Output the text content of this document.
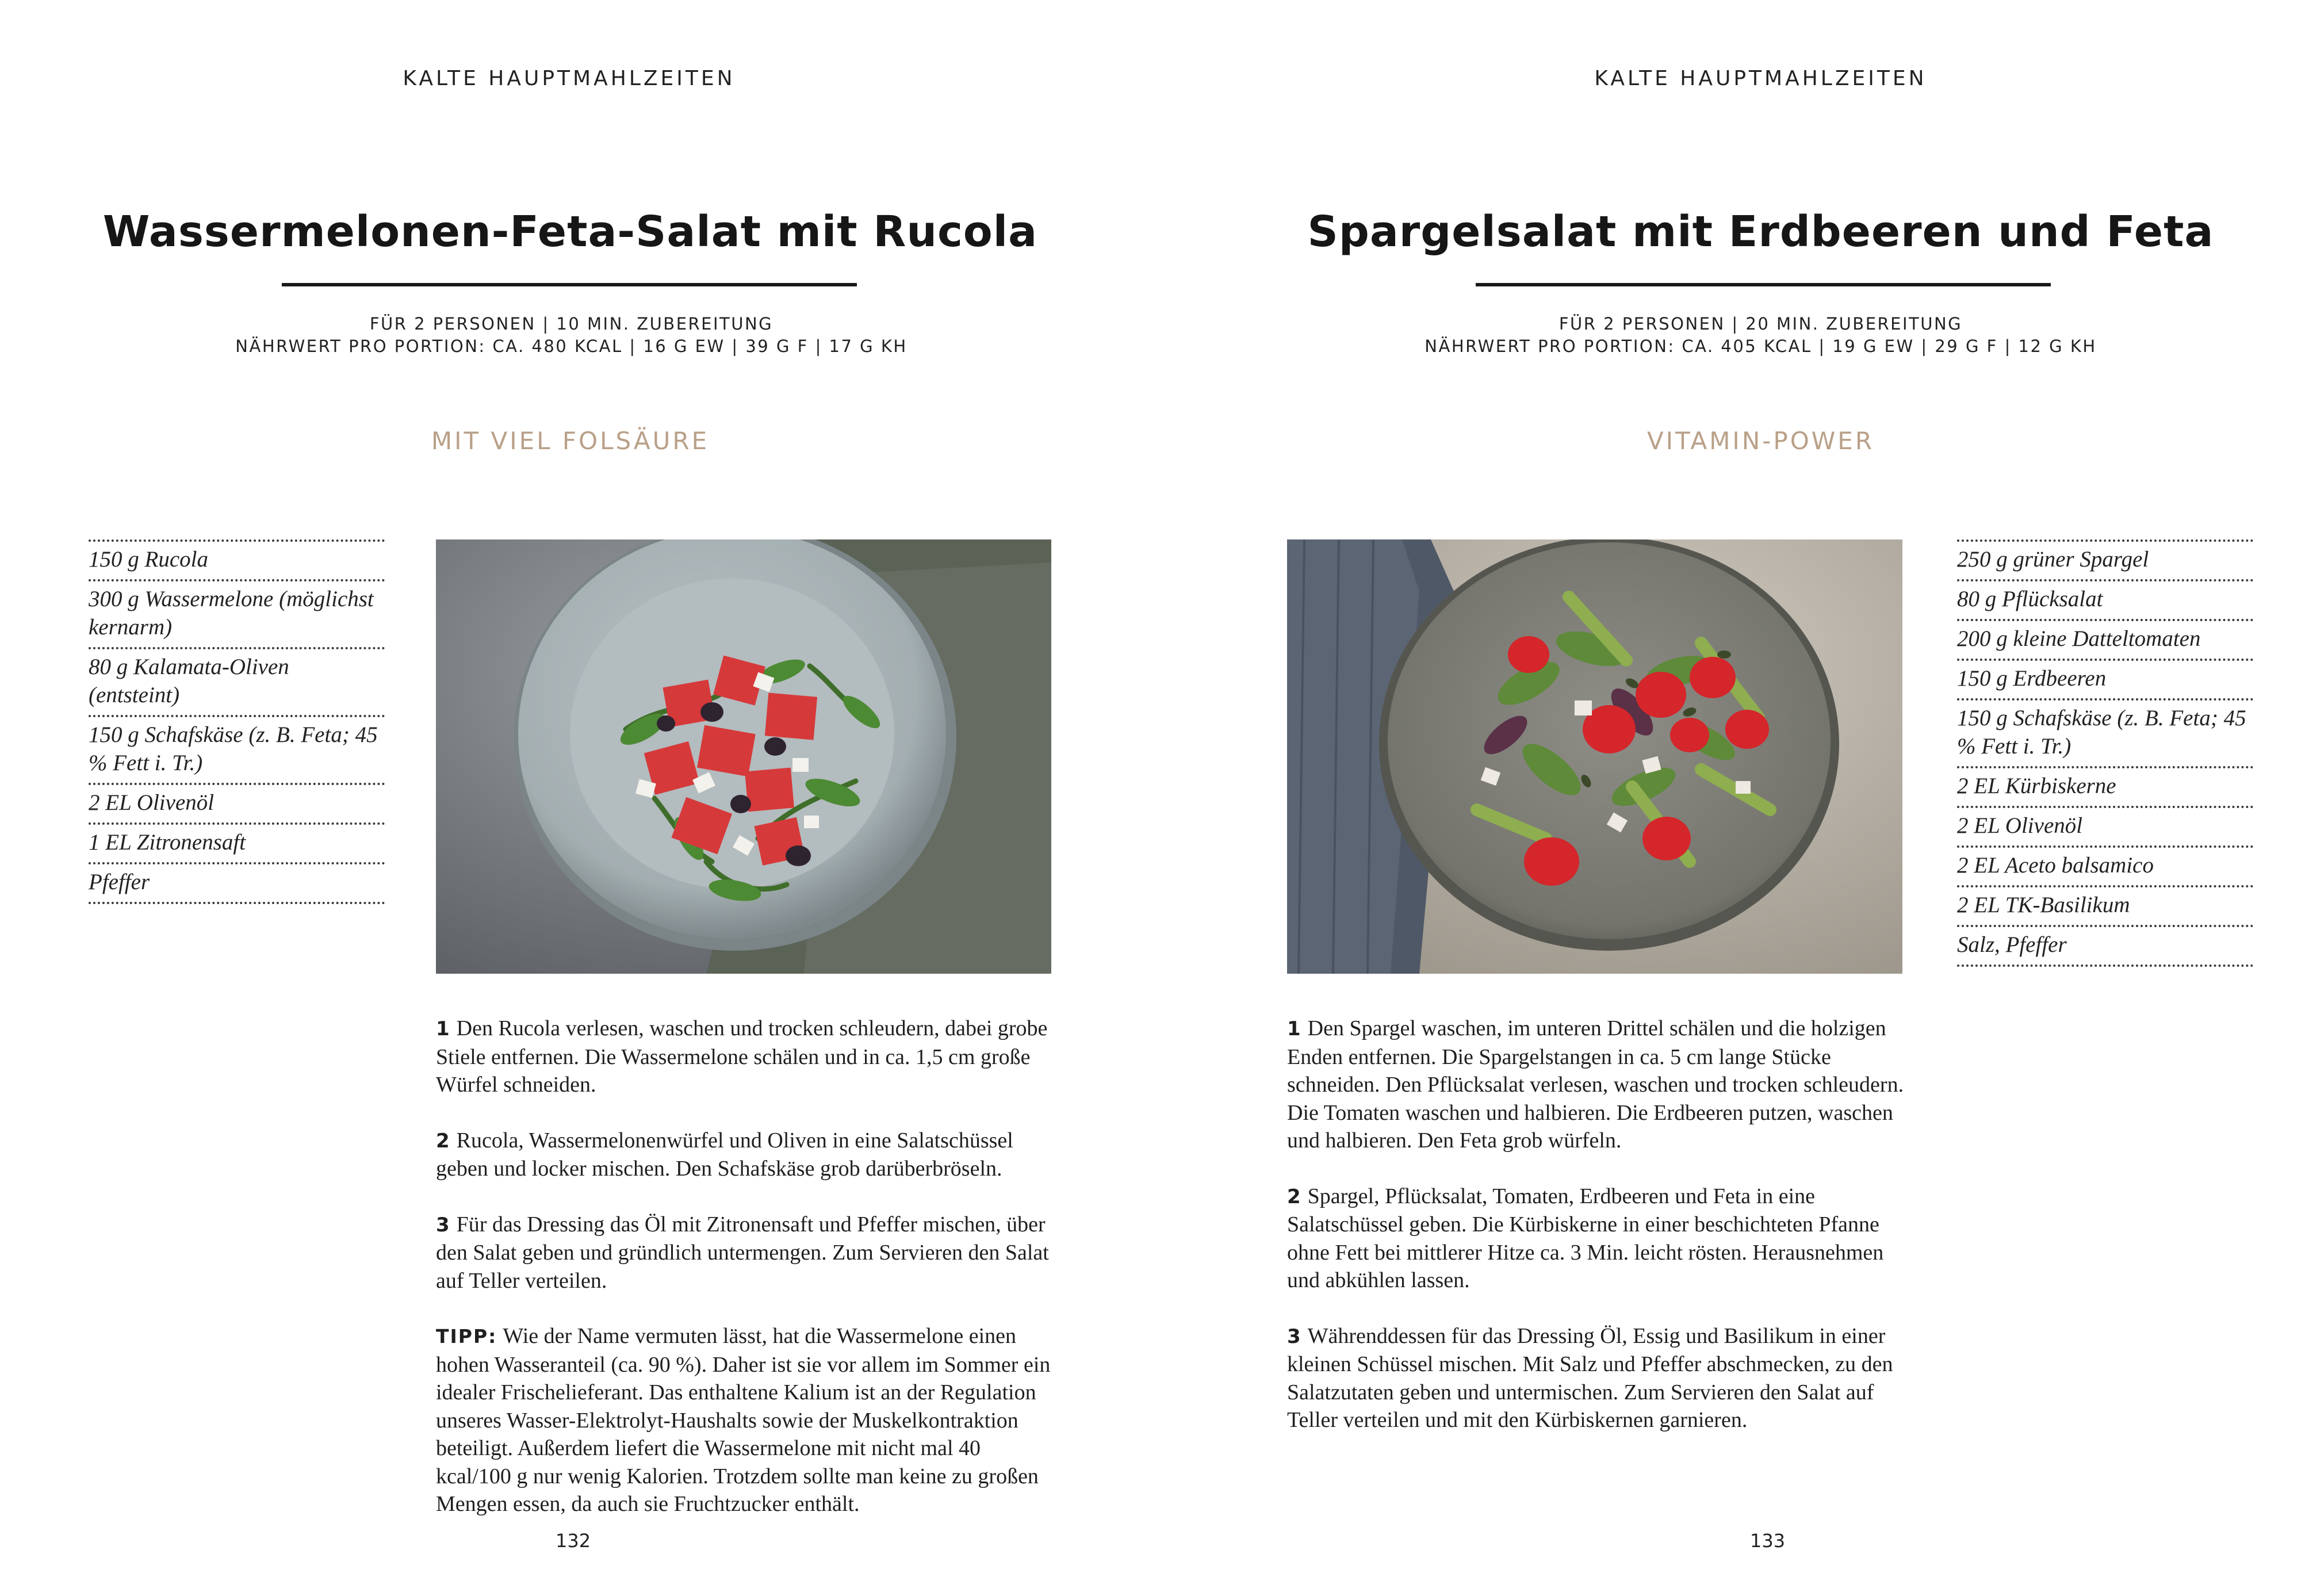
KALTE HAUPTMAHLZEITEN
Wassermelonen-Feta-Salat mit Rucola
FÜR 2 PERSONEN | 10 MIN. ZUBEREITUNG
NÄHRWERT PRO PORTION: CA. 480 KCAL | 16 G EW | 39 G F | 17 G KH
MIT VIEL FOLSÄURE
150 g Rucola
300 g Wassermelone (möglichst kernarm)
80 g Kalamata-Oliven (entsteint)
150 g Schafskäse (z. B. Feta; 45 % Fett i. Tr.)
2 EL Olivenöl
1 EL Zitronensaft
Pfeffer

1 Den Rucola verlesen, waschen und trocken schleudern, dabei grobe Stiele entfernen. Die Wassermelone schälen und in ca. 1,5 cm große Würfel schneiden.

2 Rucola, Wassermelonenwürfel und Oliven in eine Salatschüssel geben und locker mischen. Den Schafskäse grob darüberbröseln.

3 Für das Dressing das Öl mit Zitronensaft und Pfeffer mischen, über den Salat geben und gründlich untermengen. Zum Servieren den Salat auf Teller verteilen.

TIPP: Wie der Name vermuten lässt, hat die Wassermelone einen hohen Wasseranteil (ca. 90 %). Daher ist sie vor allem im Sommer ein idealer Frischelieferant. Das enthaltene Kalium ist an der Regulation unseres Wasser-Elektrolyt-Haushalts sowie der Muskelkontraktion beteiligt. Außerdem liefert die Wassermelone mit nicht mal 40 kcal/100 g nur wenig Kalorien. Trotzdem sollte man keine zu großen Mengen essen, da auch sie Fruchtzucker enthält.

132
KALTE HAUPTMAHLZEITEN
Spargelsalat mit Erdbeeren und Feta
FÜR 2 PERSONEN | 20 MIN. ZUBEREITUNG
NÄHRWERT PRO PORTION: CA. 405 KCAL | 19 G EW | 29 G F | 12 G KH
VITAMIN-POWER
250 g grüner Spargel
80 g Pflücksalat
200 g kleine Datteltomaten
150 g Erdbeeren
150 g Schafskäse (z. B. Feta; 45 % Fett i. Tr.)
2 EL Kürbiskerne
2 EL Olivenöl
2 EL Aceto balsamico
2 EL TK-Basilikum
Salz, Pfeffer

1 Den Spargel waschen, im unteren Drittel schälen und die holzigen Enden entfernen. Die Spargelstangen in ca. 5 cm lange Stücke schneiden. Den Pflücksalat verlesen, waschen und trocken schleudern. Die Tomaten waschen und halbieren. Die Erdbeeren putzen, waschen und halbieren. Den Feta grob würfeln.

2 Spargel, Pflücksalat, Tomaten, Erdbeeren und Feta in eine Salatschüssel geben. Die Kürbiskerne in einer beschichteten Pfanne ohne Fett bei mittlerer Hitze ca. 3 Min. leicht rösten. Herausnehmen und abkühlen lassen.

3 Währenddessen für das Dressing Öl, Essig und Basilikum in einer kleinen Schüssel mischen. Mit Salz und Pfeffer abschmecken, zu den Salatzutaten geben und untermischen. Zum Servieren den Salat auf Teller verteilen und mit den Kürbiskernen garnieren.

133
